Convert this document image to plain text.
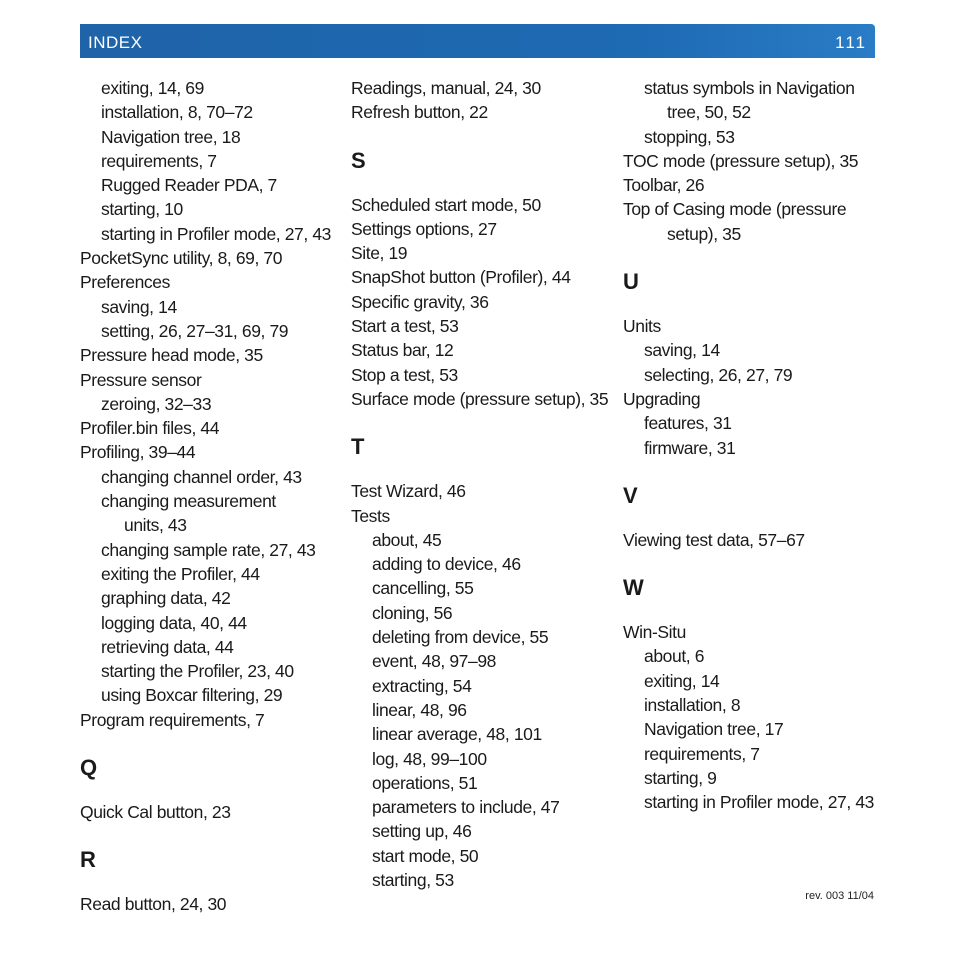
INDEX	111
exiting, 14, 69
installation, 8, 70–72
Navigation tree, 18
requirements, 7
Rugged Reader PDA, 7
starting, 10
starting in Profiler mode, 27, 43
PocketSync utility, 8, 69, 70
Preferences
saving, 14
setting, 26, 27–31, 69, 79
Pressure head mode, 35
Pressure sensor
zeroing, 32–33
Profiler.bin files, 44
Profiling, 39–44
changing channel order, 43
changing measurement
units, 43
changing sample rate, 27, 43
exiting the Profiler, 44
graphing data, 42
logging data, 40, 44
retrieving data, 44
starting the Profiler, 23, 40
using Boxcar filtering, 29
Program requirements, 7
Q
Quick Cal button, 23
R
Read button, 24, 30
Readings, manual, 24, 30
Refresh button, 22
S
Scheduled start mode, 50
Settings options, 27
Site, 19
SnapShot button (Profiler), 44
Specific gravity, 36
Start a test, 53
Status bar, 12
Stop a test, 53
Surface mode (pressure setup), 35
T
Test Wizard, 46
Tests
about, 45
adding to device, 46
cancelling, 55
cloning, 56
deleting from device, 55
event, 48, 97–98
extracting, 54
linear, 48, 96
linear average, 48, 101
log, 48, 99–100
operations, 51
parameters to include, 47
setting up, 46
start mode, 50
starting, 53
status symbols in Navigation
tree, 50, 52
stopping, 53
TOC mode (pressure setup), 35
Toolbar, 26
Top of Casing mode (pressure
setup), 35
U
Units
saving, 14
selecting, 26, 27, 79
Upgrading
features, 31
firmware, 31
V
Viewing test data, 57–67
W
Win-Situ
about, 6
exiting, 14
installation, 8
Navigation tree, 17
requirements, 7
starting, 9
starting in Profiler mode, 27, 43
rev. 003 11/04
